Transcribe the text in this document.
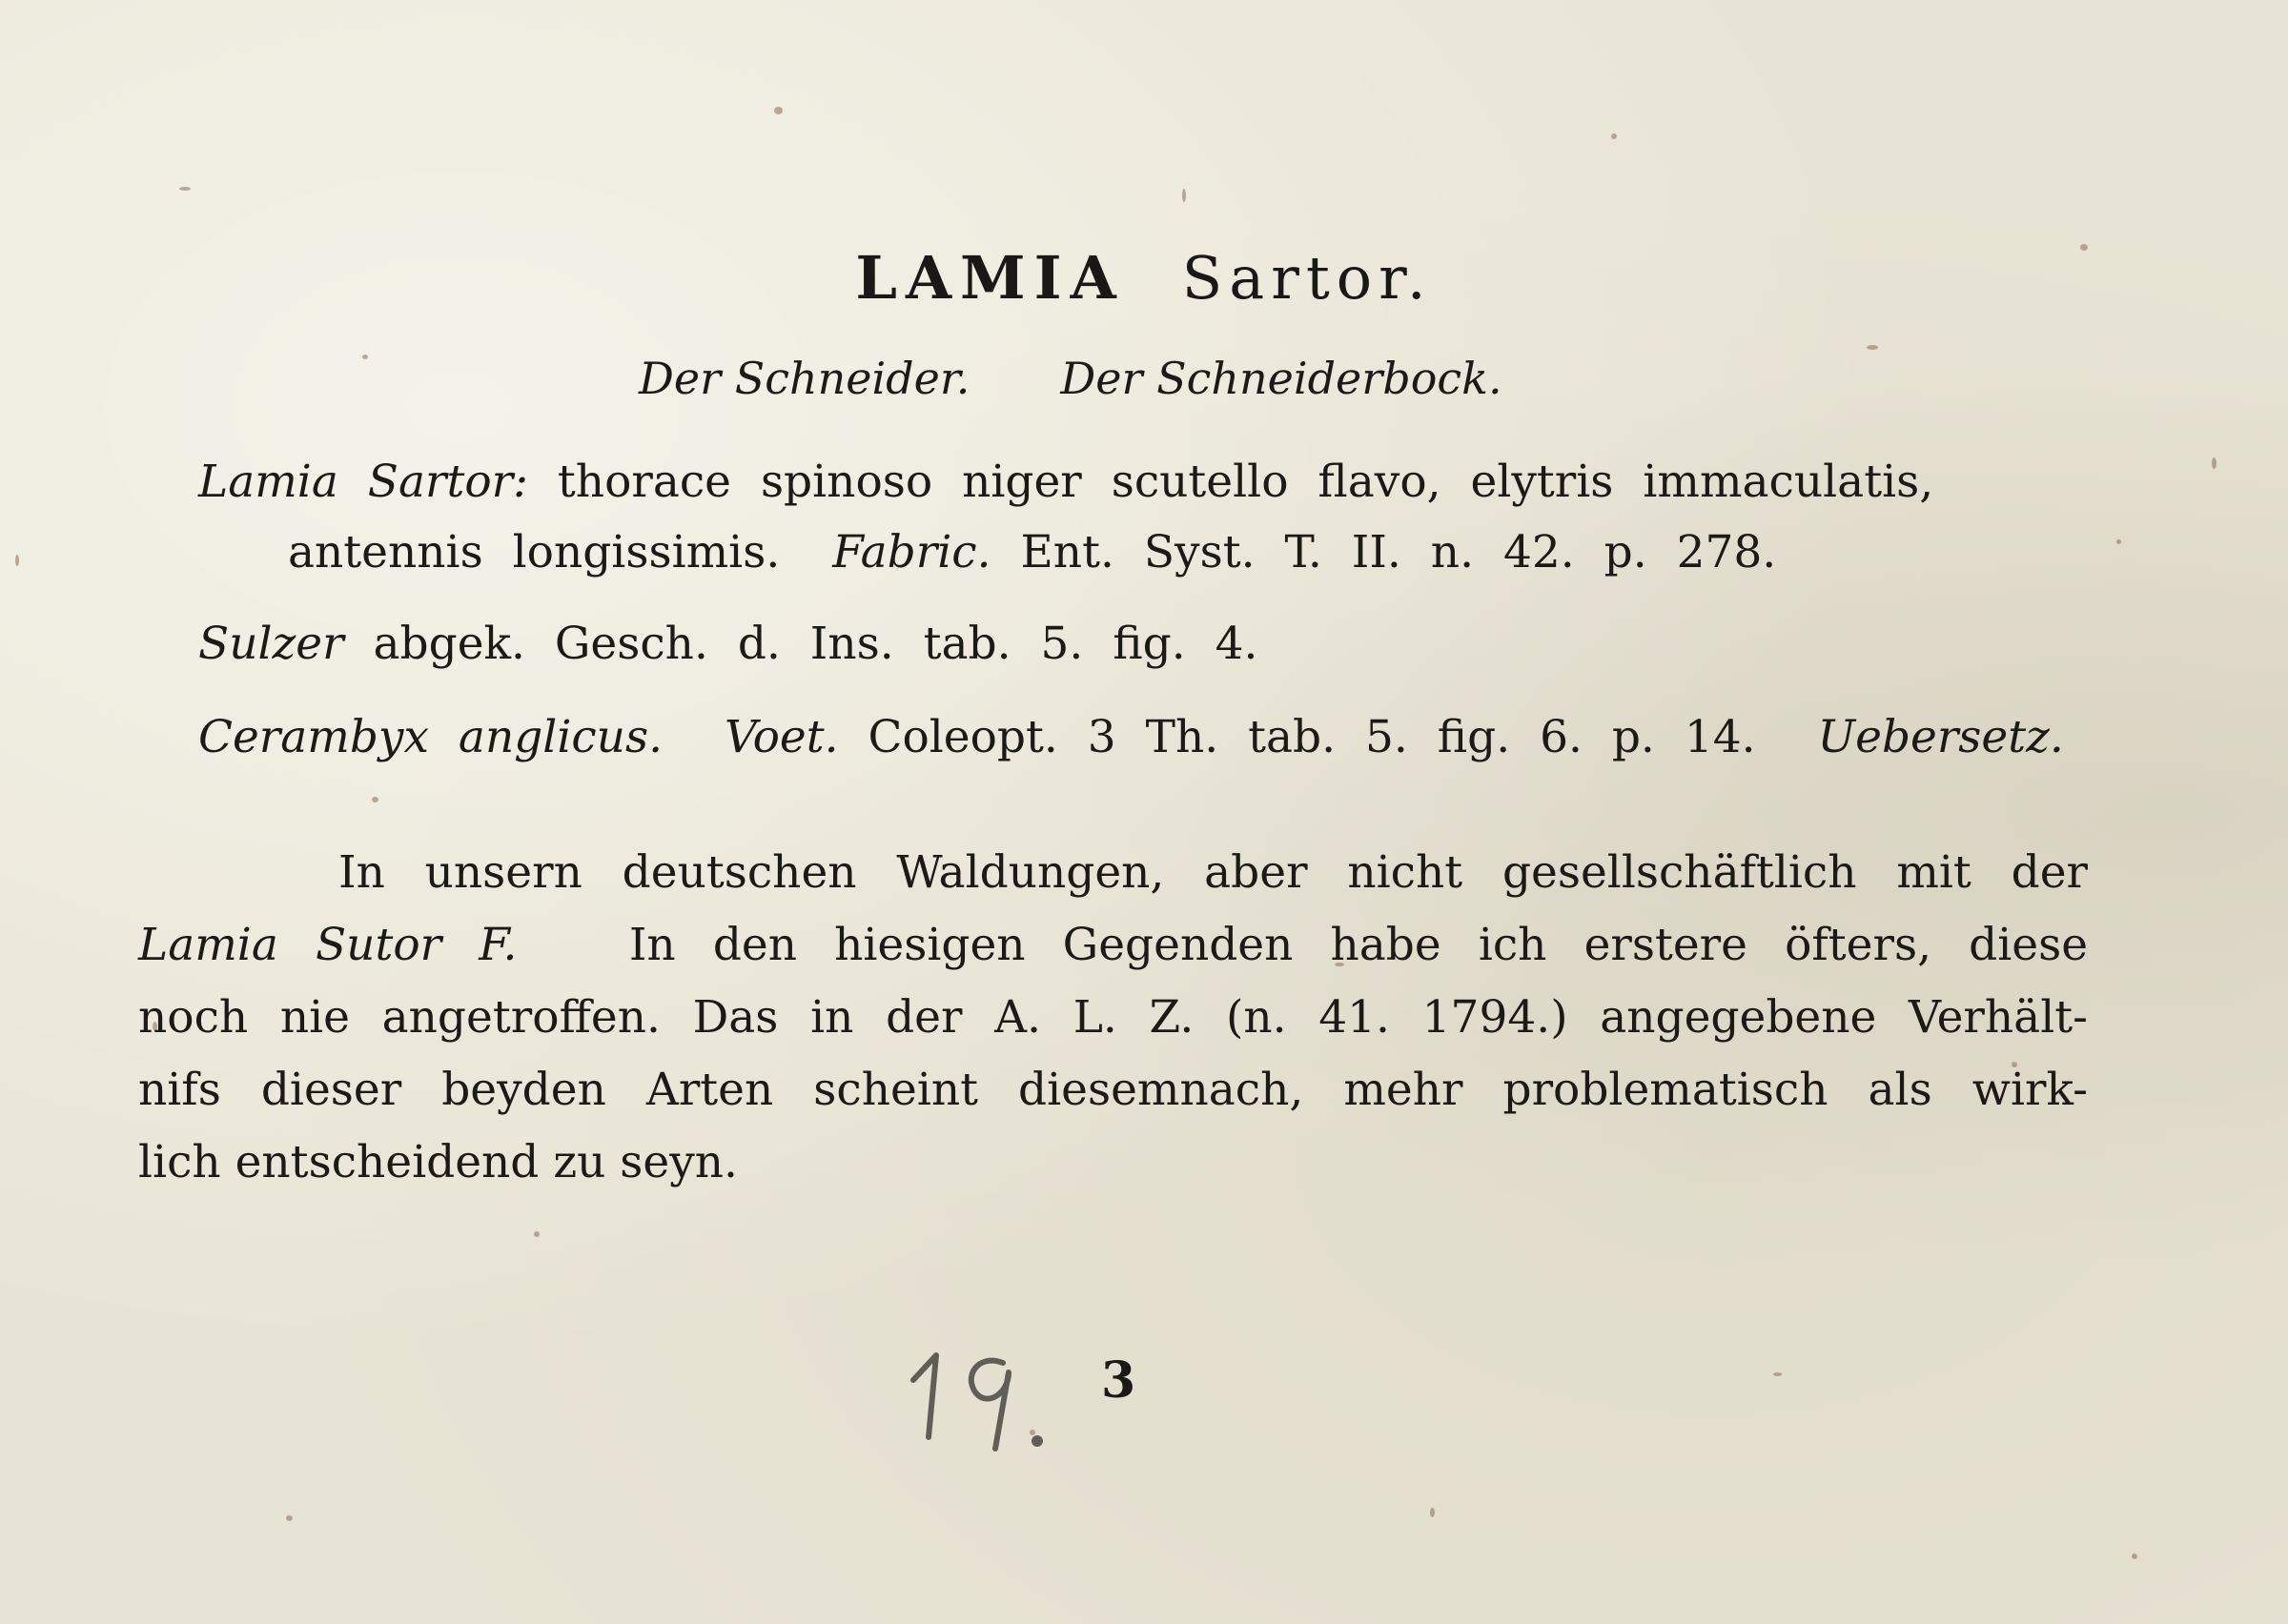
LAMIA Sartor.
Der Schneider. Der Schneiderbock.
Lamia Sartor: thorace spinoso niger scutello flavo, elytris immaculatis,
antennis longissimis. Fabric. Ent. Syst. T. II. n. 42. p. 278.
Sulzer abgek. Gesch. d. Ins. tab. 5. fig. 4.
Cerambyx anglicus. Voet. Coleopt. 3 Th. tab. 5. fig. 6. p. 14. Uebersetz.
In unsern deutschen Waldungen, aber nicht gesellschäftlich mit der
Lamia Sutor F. In den hiesigen Gegenden habe ich erstere öfters, diese
noch nie angetroffen. Das in der A. L. Z. (n. 41. 1794.) angegebene Verhält-
nifs dieser beyden Arten scheint diesemnach, mehr problematisch als wirk-
lich entscheidend zu seyn.
3
